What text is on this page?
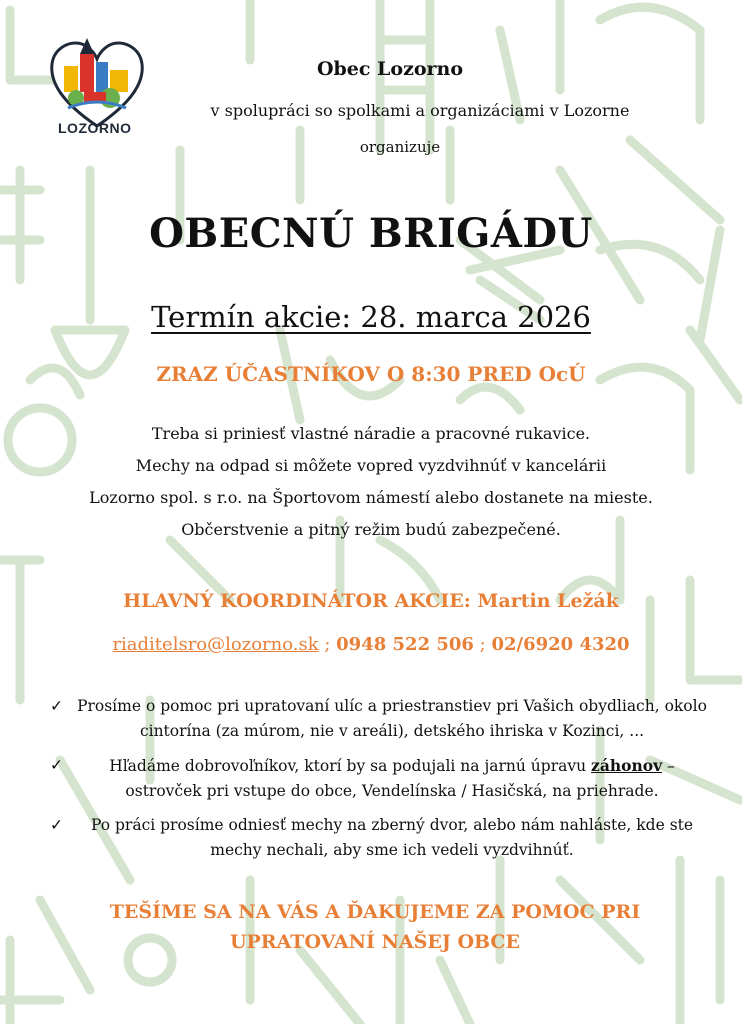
LOZORNO
Obec Lozorno
v spolupráci so spolkami a organizáciami v Lozorne
organizuje
OBECNÚ BRIGÁDU
Termín akcie: 28. marca 2026
ZRAZ ÚČASTNÍKOV O 8:30 PRED OcÚ
Treba si priniesť vlastné náradie a pracovné rukavice.
Mechy na odpad si môžete vopred vyzdvihnúť v kancelárii
Lozorno spol. s r.o. na Športovom námestí alebo dostanete na mieste.
Občerstvenie a pitný režim budú zabezpečené.
HLAVNÝ KOORDINÁTOR AKCIE: Martin Ležák
riaditelsro@lozorno.sk ; 0948 522 506 ; 02/6920 4320
✓ Prosíme o pomoc pri upratovaní ulíc a priestranstiev pri Vašich obydliach, okolo cintorína (za múrom, nie v areáli), detského ihriska v Kozinci, ...
✓	Hľadáme dobrovoľníkov, ktorí by sa podujali na jarnú úpravu záhonov – ostrovček pri vstupe do obce, Vendelínska / Hasičská, na priehrade.
✓ Po práci prosíme odniesť mechy na zberný dvor, alebo nám nahláste, kde ste mechy nechali, aby sme ich vedeli vyzdvihnúť.
TEŠÍME SA NA VÁS A ĎAKUJEME ZA POMOC PRI UPRATOVANÍ NAŠEJ OBCE
